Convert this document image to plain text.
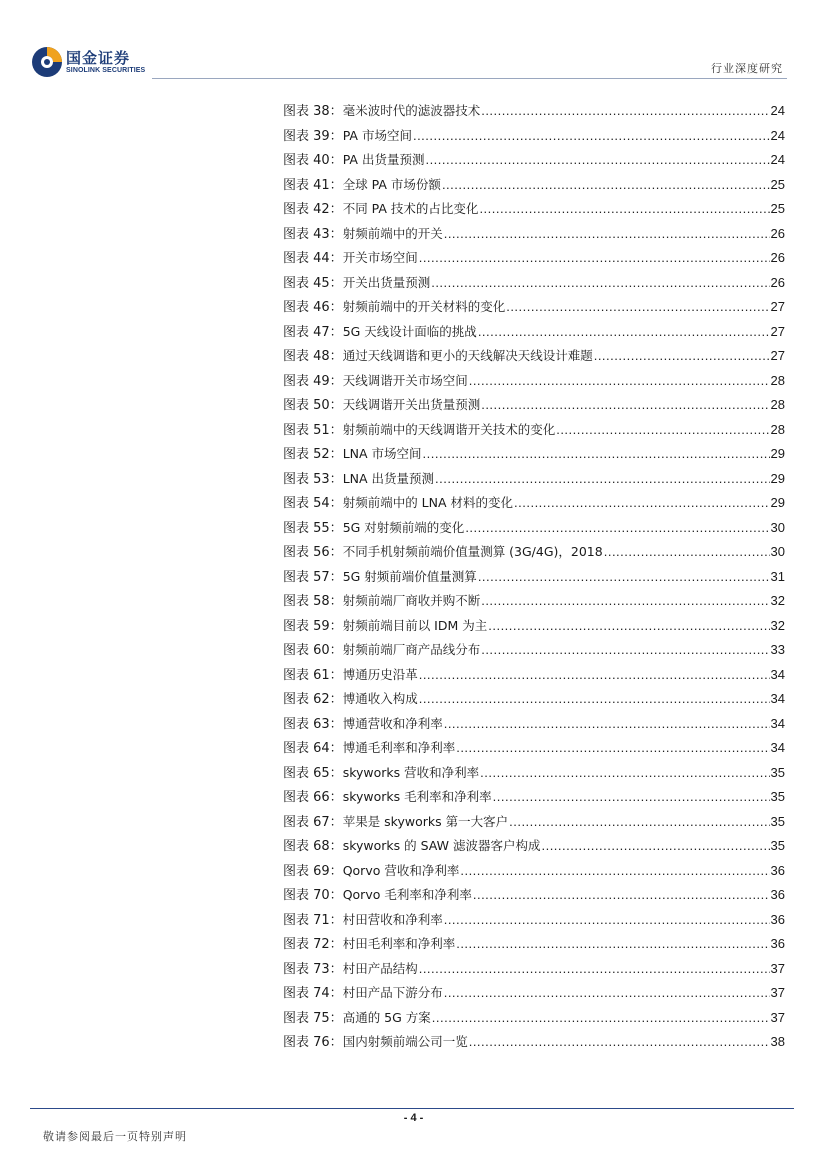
国金证券
SINOLINK SECURITIES	行业深度研究
图表 38： 毫米波时代的滤波器技术 .....	24
图表 39： PA 市场空间 .....	24
图表 40： PA 出货量预测 .....	24
图表 41： 全球 PA 市场份额 .....	25
图表 42： 不同 PA 技术的占比变化 .....	25
图表 43： 射频前端中的开关 .....	26
图表 44： 开关市场空间 .....	26
图表 45： 开关出货量预测 .....	26
图表 46： 射频前端中的开关材料的变化 .....	27
图表 47： 5G 天线设计面临的挑战 .....	27
图表 48： 通过天线调谐和更小的天线解决天线设计难题 .....	27
图表 49： 天线调谐开关市场空间 .....	28
图表 50： 天线调谐开关出货量预测 .....	28
图表 51： 射频前端中的天线调谐开关技术的变化 .....	28
图表 52： LNA 市场空间 .....	29
图表 53： LNA 出货量预测 .....	29
图表 54： 射频前端中的 LNA 材料的变化 .....	29
图表 55： 5G 对射频前端的变化 .....	30
图表 56： 不同手机射频前端价值量测算 (3G/4G)，2018 .....	30
图表 57： 5G 射频前端价值量测算 .....	31
图表 58： 射频前端厂商收并购不断 .....	32
图表 59： 射频前端目前以 IDM 为主 .....	32
图表 60： 射频前端厂商产品线分布 .....	33
图表 61： 博通历史沿革 .....	34
图表 62： 博通收入构成 .....	34
图表 63： 博通营收和净利率 .....	34
图表 64： 博通毛利率和净利率 .....	34
图表 65： skyworks 营收和净利率 .....	35
图表 66： skyworks 毛利率和净利率 .....	35
图表 67： 苹果是 skyworks 第一大客户 .....	35
图表 68： skyworks 的 SAW 滤波器客户构成 .....	35
图表 69： Qorvo 营收和净利率 .....	36
图表 70： Qorvo 毛利率和净利率 .....	36
图表 71： 村田营收和净利率 .....	36
图表 72： 村田毛利率和净利率 .....	36
图表 73： 村田产品结构 .....	37
图表 74： 村田产品下游分布 .....	37
图表 75： 高通的 5G 方案 .....	37
图表 76： 国内射频前端公司一览 .....	38
- 4 -
敬请参阅最后一页特别声明
